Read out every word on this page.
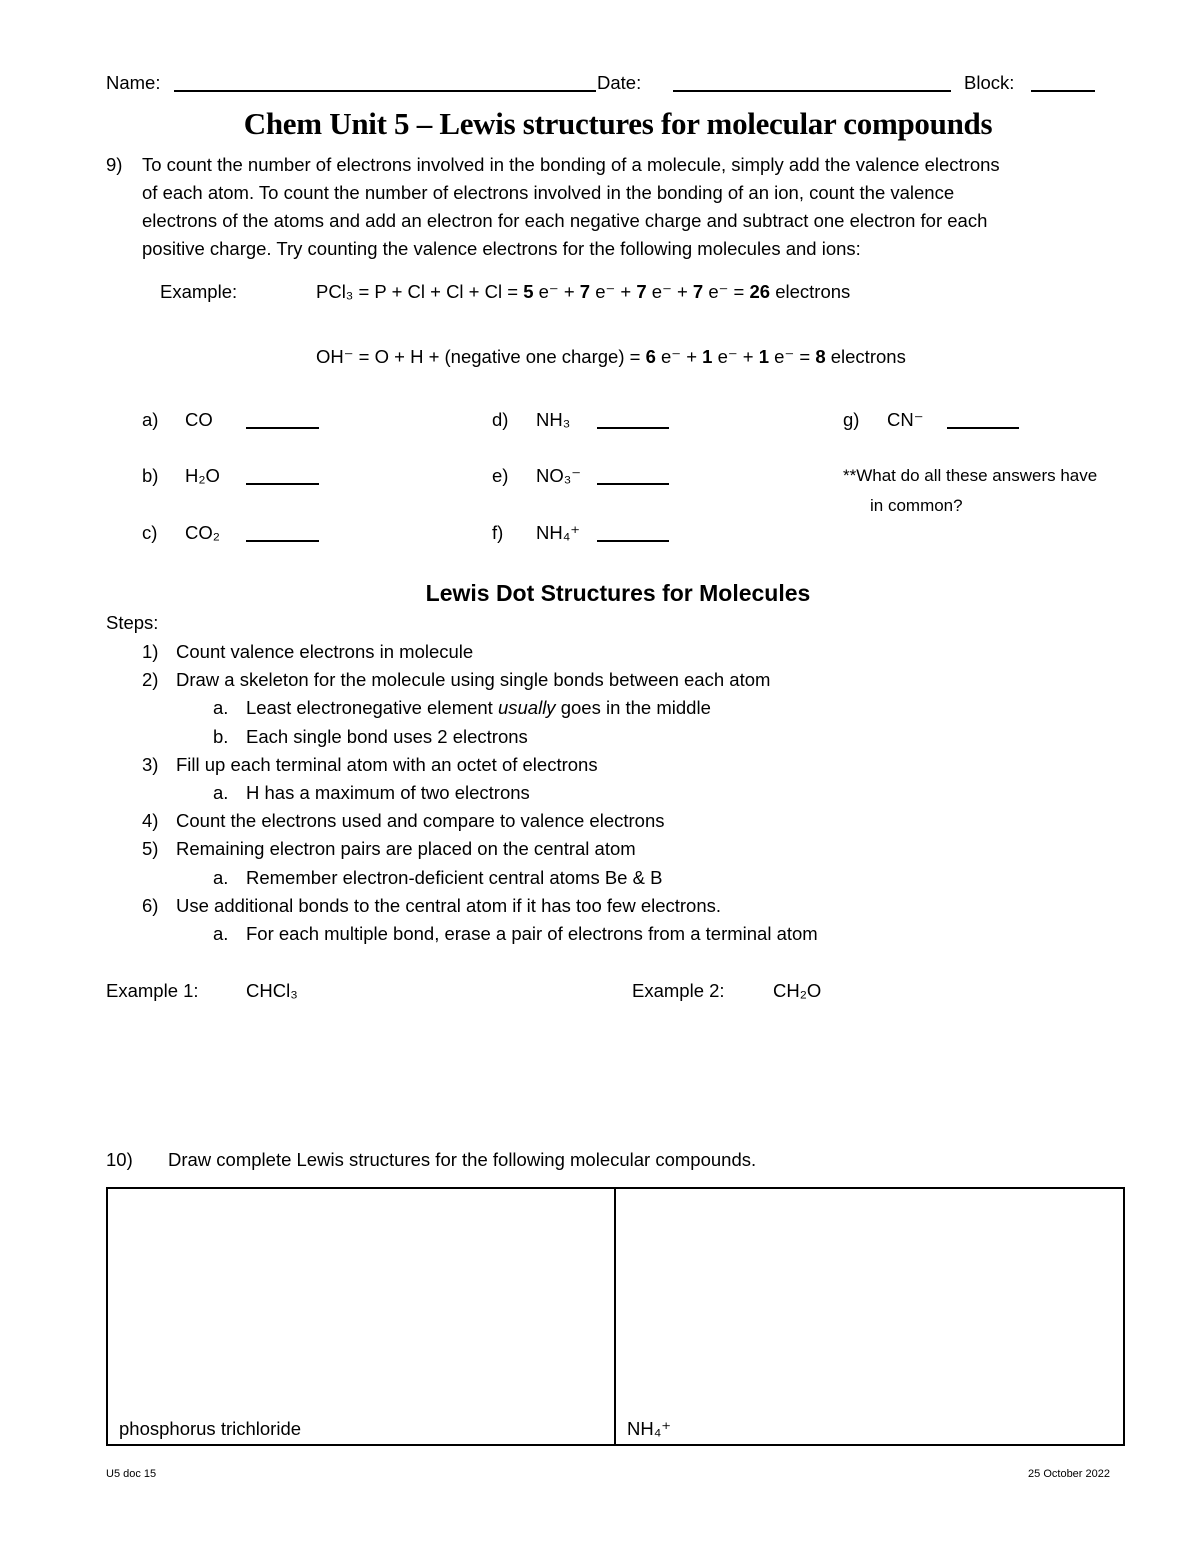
Name:	Date:	Block:
Chem Unit 5 – Lewis structures for molecular compounds
9) To count the number of electrons involved in the bonding of a molecule, simply add the valence electrons
of each atom. To count the number of electrons involved in the bonding of an ion, count the valence
electrons of the atoms and add an electron for each negative charge and subtract one electron for each
positive charge. Try counting the valence electrons for the following molecules and ions:
Example:	PCl₃ = P + Cl + Cl + Cl = 5 e⁻ + 7 e⁻ + 7 e⁻ + 7 e⁻ = 26 electrons
OH⁻ = O + H + (negative one charge) = 6 e⁻ + 1 e⁻ + 1 e⁻ = 8 electrons
a) CO
b) H₂O
c) CO₂
d) NH₃
e) NO₃⁻
f) NH₄⁺
g) CN⁻
**What do all these answers have
in common?
Lewis Dot Structures for Molecules
Steps:
1) Count valence electrons in molecule
2) Draw a skeleton for the molecule using single bonds between each atom
a. Least electronegative element usually goes in the middle
b. Each single bond uses 2 electrons
3) Fill up each terminal atom with an octet of electrons
a. H has a maximum of two electrons
4) Count the electrons used and compare to valence electrons
5) Remaining electron pairs are placed on the central atom
a. Remember electron-deficient central atoms Be & B
6) Use additional bonds to the central atom if it has too few electrons.
a. For each multiple bond, erase a pair of electrons from a terminal atom
Example 1:	CHCl₃	Example 2:	CH₂O
10) Draw complete Lewis structures for the following molecular compounds.
phosphorus trichloride	NH₄⁺
U5 doc 15	25 October 2022
